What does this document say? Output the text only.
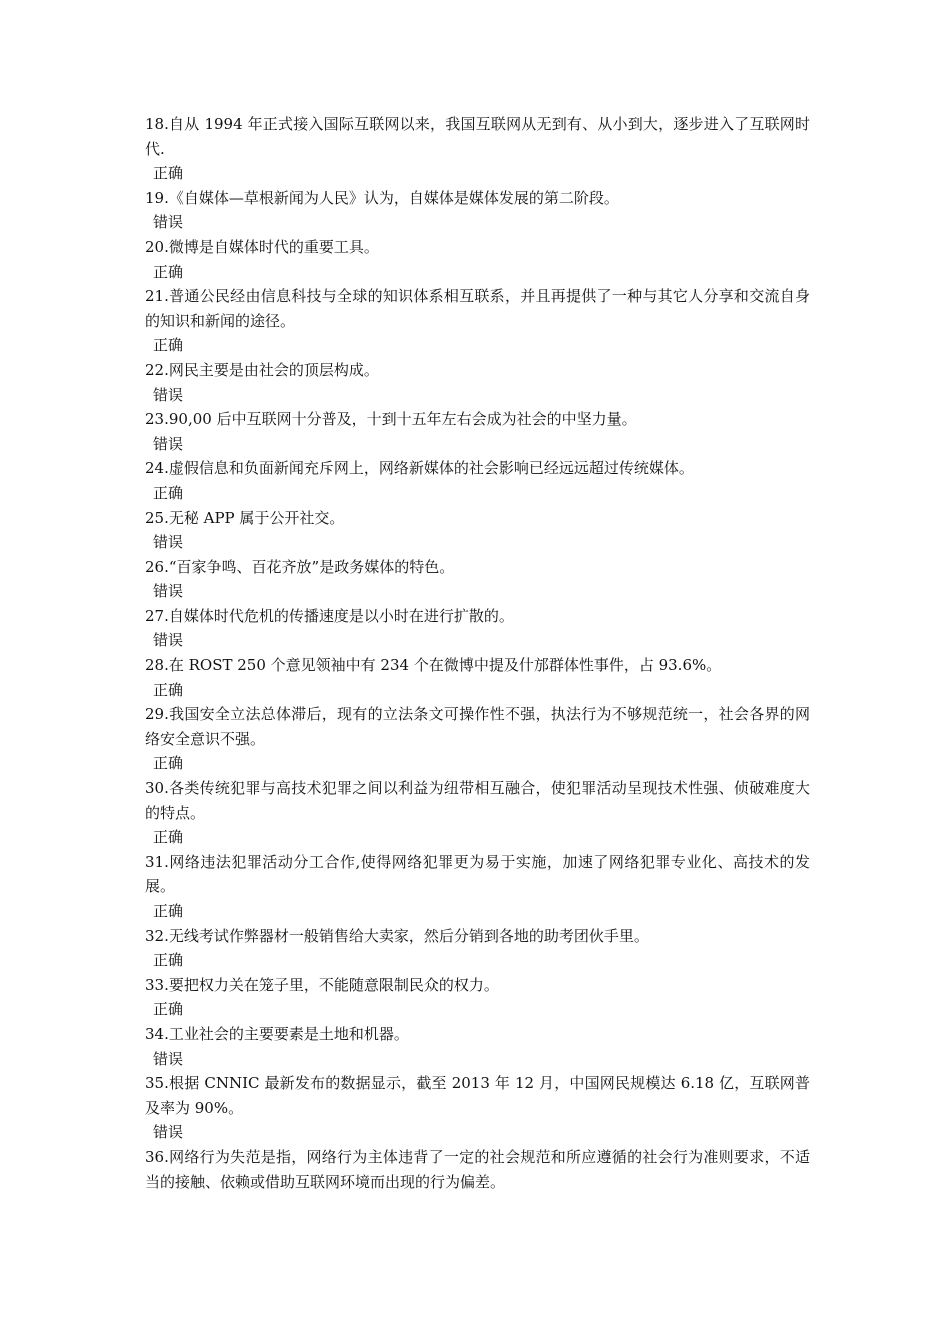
18.自从 1994 年正式接入国际互联网以来，我国互联网从无到有、从小到大，逐步进入了互联网时代.

正确

19.《自媒体—草根新闻为人民》认为，自媒体是媒体发展的第二阶段。

错误

20.微博是自媒体时代的重要工具。

正确

21.普通公民经由信息科技与全球的知识体系相互联系，并且再提供了一种与其它人分享和交流自身的知识和新闻的途径。

正确

22.网民主要是由社会的顶层构成。

错误

23.90,00 后中互联网十分普及，十到十五年左右会成为社会的中坚力量。

错误

24.虚假信息和负面新闻充斥网上，网络新媒体的社会影响已经远远超过传统媒体。

正确

25.无秘 APP 属于公开社交。

错误

26.“百家争鸣、百花齐放”是政务媒体的特色。

错误

27.自媒体时代危机的传播速度是以小时在进行扩散的。

错误

28.在 ROST 250 个意见领袖中有 234 个在微博中提及什邡群体性事件，占 93.6%。

正确

29.我国安全立法总体滞后，现有的立法条文可操作性不强，执法行为不够规范统一，社会各界的网络安全意识不强。

正确

30.各类传统犯罪与高技术犯罪之间以利益为纽带相互融合，使犯罪活动呈现技术性强、侦破难度大的特点。

正确

31.网络违法犯罪活动分工合作,使得网络犯罪更为易于实施，加速了网络犯罪专业化、高技术的发展。

正确

32.无线考试作弊器材一般销售给大卖家，然后分销到各地的助考团伙手里。

正确

33.要把权力关在笼子里，不能随意限制民众的权力。

正确

34.工业社会的主要要素是土地和机器。

错误

35.根据 CNNIC 最新发布的数据显示，截至 2013 年 12 月，中国网民规模达 6.18 亿，互联网普及率为 90%。

错误

36.网络行为失范是指，网络行为主体违背了一定的社会规范和所应遵循的社会行为准则要求，不适当的接触、依赖或借助互联网环境而出现的行为偏差。
